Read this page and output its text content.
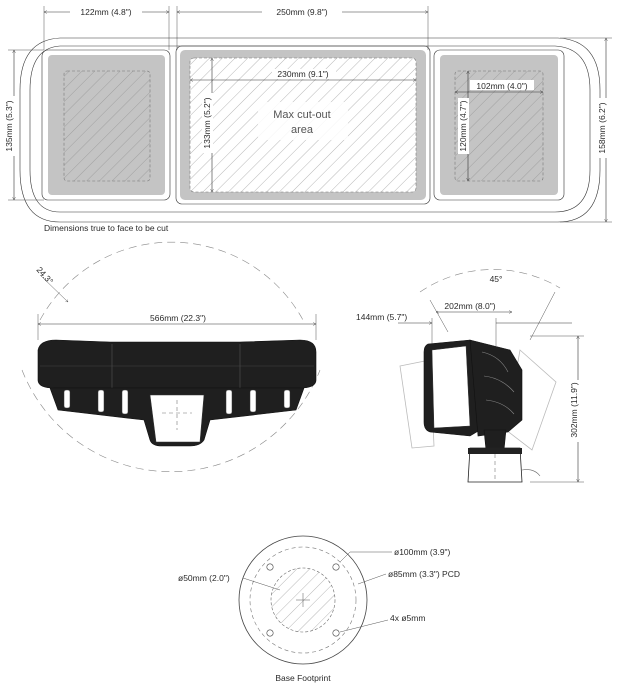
122mm (4.8")	250mm (9.8")
Max cut-out
area
230mm (9.1")
133mm (5.2")
102mm (4.0")
120mm (4.7")
135mm (5.3")	158mm (6.2")
Dimensions true to face to be cut
24.3°
566mm (22.3")
45°
202mm (8.0")
144mm (5.7")
302mm (11.9")
ø50mm (2.0")
ø100mm (3.9")
ø85mm (3.3") PCD
4x ø5mm
Base Footprint
